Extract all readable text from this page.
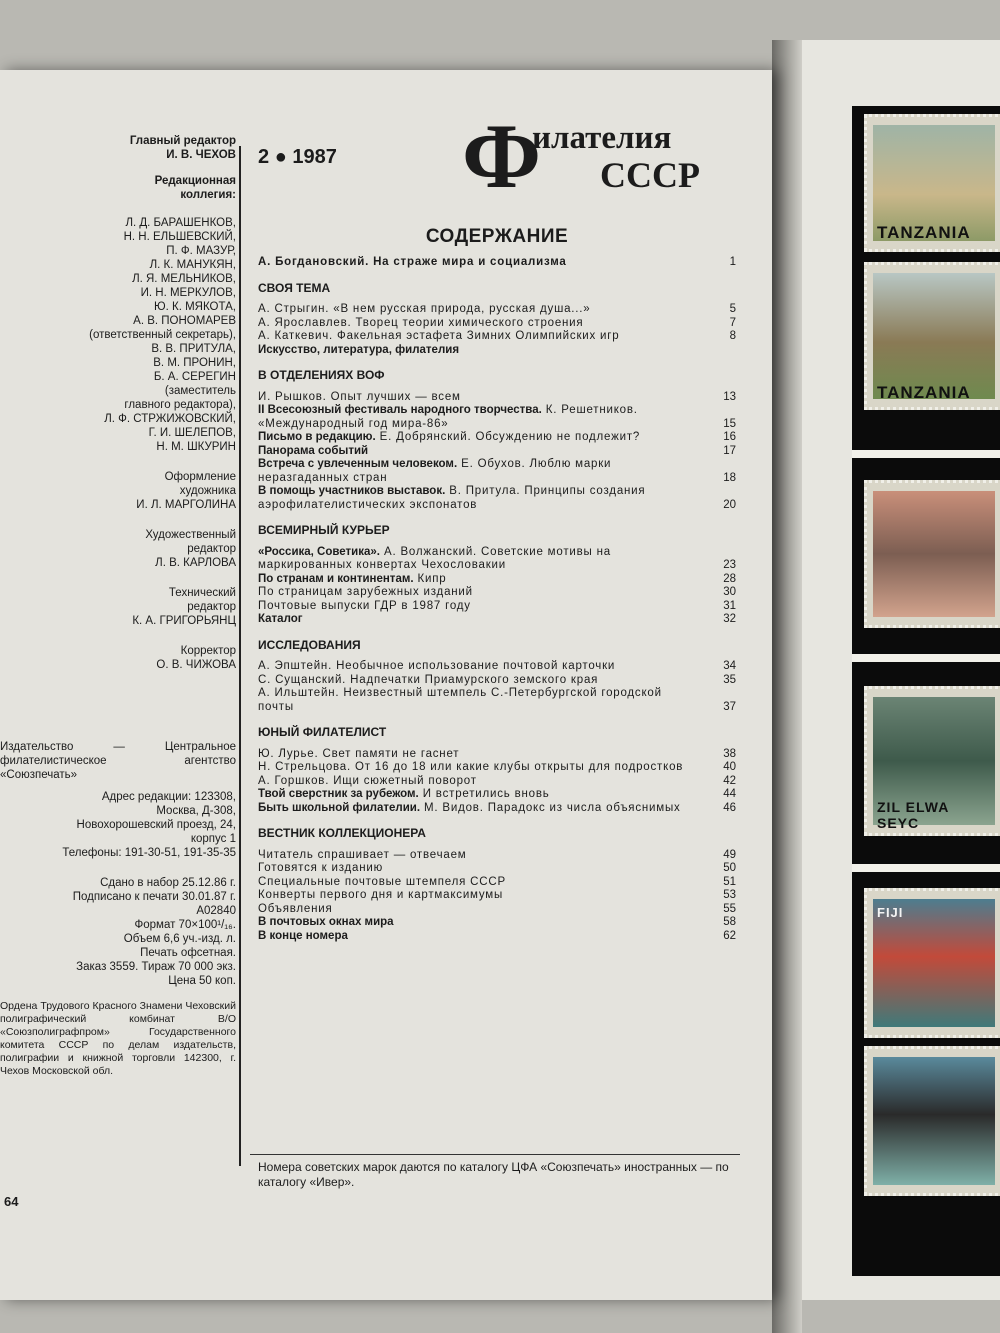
TANZANIA
TANZANIA
ZIL ELWA SEYC
FIJI
Главный редактор
И. В. ЧЕХОВ
Редакционная
коллегия:
Л. Д. БАРАШЕНКОВ,
Н. Н. ЕЛЬШЕВСКИЙ,
П. Ф. МАЗУР,
Л. К. МАНУКЯН,
Л. Я. МЕЛЬНИКОВ,
И. Н. МЕРКУЛОВ,
Ю. К. МЯКОТА,
А. В. ПОНОМАРЕВ
(ответственный секретарь),
В. В. ПРИТУЛА,
В. М. ПРОНИН,
Б. А. СЕРЕГИН
(заместитель
главного редактора),
Л. Ф. СТРЖИЖОВСКИЙ,
Г. И. ШЕЛЕПОВ,
Н. М. ШКУРИН
Оформление
художника
И. Л. МАРГОЛИНА
Художественный
редактор
Л. В. КАРЛОВА
Технический
редактор
К. А. ГРИГОРЬЯНЦ
Корректор
О. В. ЧИЖОВА
Издательство — Центральное филателистическое агентство «Союзпечать»
Адрес редакции: 123308,
Москва, Д-308,
Новохорошевский проезд, 24,
корпус 1
Телефоны: 191-30-51, 191-35-35
Сдано в набор 25.12.86 г.
Подписано к печати 30.01.87 г.
А02840
Формат 70×100¹/₁₆.
Объем 6,6 уч.-изд. л.
Печать офсетная.
Заказ 3559. Тираж 70 000 экз.
Цена 50 коп.
Ордена Трудового Красного Знамени Чеховский полиграфический комбинат В/О «Союзполиграфпром» Государственного комитета СССР по делам издательств, полиграфии и книжной торговли 142300, г. Чехов Московской обл.
64
2 ● 1987 Ф
илателия
СССР
СОДЕРЖАНИЕ
А. Богдановский. На страже мира и социализма	1
СВОЯ ТЕМА
А. Стрыгин. «В нем русская природа, русская душа...»	5
А. Ярославлев. Творец теории химического строения	7
А. Каткевич. Факельная эстафета Зимних Олимпийских игр	8
Искусство, литература, филателия
В ОТДЕЛЕНИЯХ ВОФ
И. Рышков. Опыт лучших — всем	13
II Всесоюзный фестиваль народного творчества. К. Решетников. «Международный год мира-86»	15
Письмо в редакцию. Е. Добрянский. Обсуждению не подлежит?	16
Панорама событий	17
Встреча с увлеченным человеком. Е. Обухов. Люблю марки неразгаданных стран	18
В помощь участников выставок. В. Притула. Принципы создания аэрофилателистических экспонатов	20
ВСЕМИРНЫЙ КУРЬЕР
«Россика, Советика». А. Волжанский. Советские мотивы на маркированных конвертах Чехословакии	23
По странам и континентам. Кипр	28
По страницам зарубежных изданий	30
Почтовые выпуски ГДР в 1987 году	31
Каталог	32
ИССЛЕДОВАНИЯ
А. Эпштейн. Необычное использование почтовой карточки	34
С. Сущанский. Надпечатки Приамурского земского края	35
А. Ильштейн. Неизвестный штемпель С.-Петербургской городской почты	37
ЮНЫЙ ФИЛАТЕЛИСТ
Ю. Лурье. Свет памяти не гаснет	38
Н. Стрельцова. От 16 до 18 или какие клубы открыты для подростков	40
А. Горшков. Ищи сюжетный поворот	42
Твой сверстник за рубежом. И встретились вновь	44
Быть школьной филателии. М. Видов. Парадокс из числа объяснимых	46
ВЕСТНИК КОЛЛЕКЦИОНЕРА
Читатель спрашивает — отвечаем	49
Готовятся к изданию	50
Специальные почтовые штемпеля СССР	51
Конверты первого дня и картмаксимумы	53
Объявления	55
В почтовых окнах мира	58
В конце номера	62
Номера советских марок даются по каталогу ЦФА «Союзпечать» иностранных — по каталогу «Ивер».
